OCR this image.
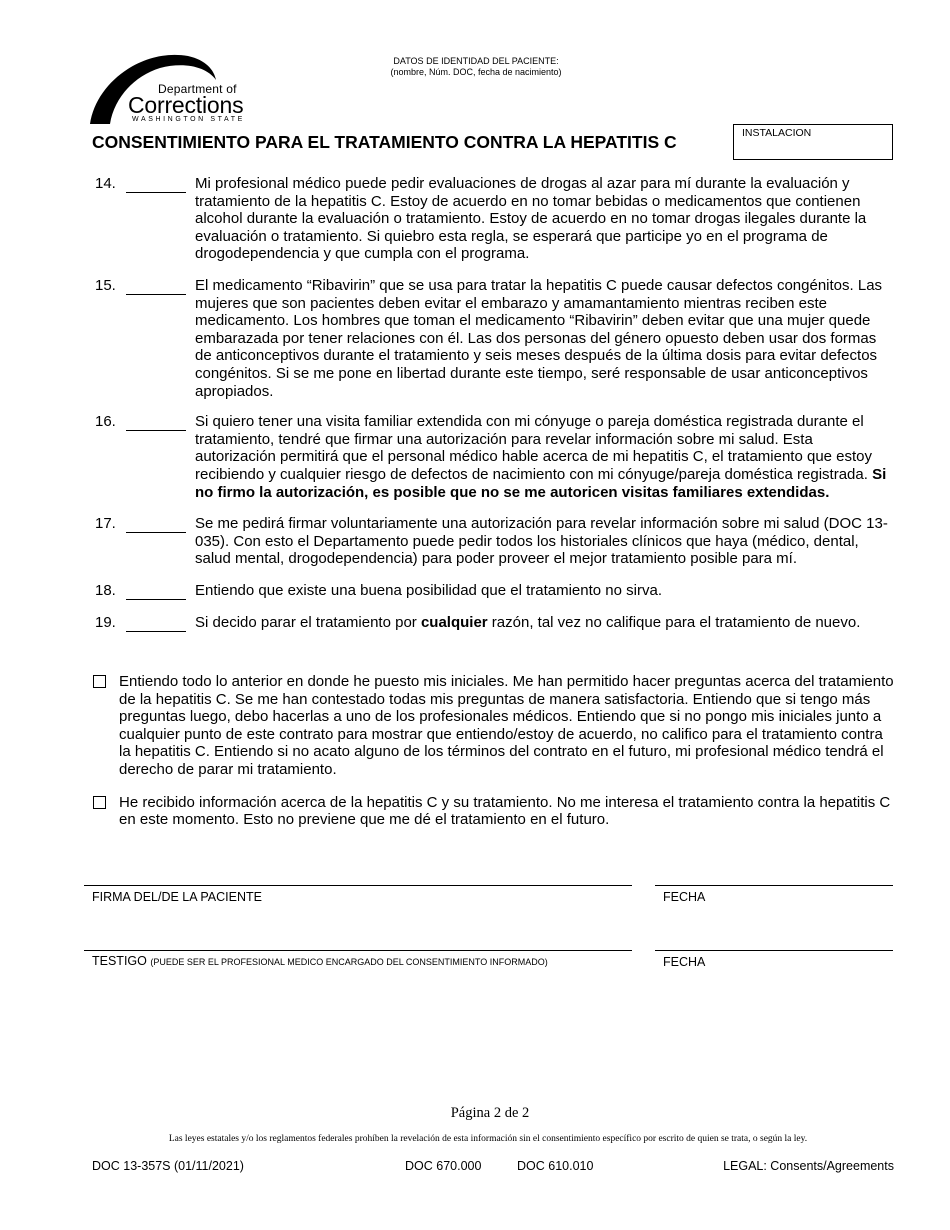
Department of
Corrections
WASHINGTON STATE
DATOS DE IDENTIDAD DEL PACIENTE:
(nombre, Núm. DOC, fecha de nacimiento)
CONSENTIMIENTO PARA EL TRATAMIENTO CONTRA LA HEPATITIS C	INSTALACION
14.	Mi profesional médico puede pedir evaluaciones de drogas al azar para mí durante la evaluación y tratamiento de la hepatitis C. Estoy de acuerdo en no tomar bebidas o medicamentos que contienen alcohol durante la evaluación o tratamiento. Estoy de acuerdo en no tomar drogas ilegales durante la evaluación o tratamiento. Si quiebro esta regla, se esperará que participe yo en el programa de drogodependencia y que cumpla con el programa.
15.	El medicamento “Ribavirin” que se usa para tratar la hepatitis C puede causar defectos congénitos. Las mujeres que son pacientes deben evitar el embarazo y amamantamiento mientras reciben este medicamento. Los hombres que toman el medicamento “Ribavirin” deben evitar que una mujer quede embarazada por tener relaciones con él. Las dos personas del género opuesto deben usar dos formas de anticonceptivos durante el tratamiento y seis meses después de la última dosis para evitar defectos congénitos. Si se me pone en libertad durante este tiempo, seré responsable de usar anticonceptivos apropiados.
16.	Si quiero tener una visita familiar extendida con mi cónyuge o pareja doméstica registrada durante el tratamiento, tendré que firmar una autorización para revelar información sobre mi salud. Esta autorización permitirá que el personal médico hable acerca de mi hepatitis C, el tratamiento que estoy recibiendo y cualquier riesgo de defectos de nacimiento con mi cónyuge/pareja doméstica registrada. Si no firmo la autorización, es posible que no se me autoricen visitas familiares extendidas.
17.	Se me pedirá firmar voluntariamente una autorización para revelar información sobre mi salud (DOC 13-035). Con esto el Departamento puede pedir todos los historiales clínicos que haya (médico, dental, salud mental, drogodependencia) para poder proveer el mejor tratamiento posible para mí.
18.	Entiendo que existe una buena posibilidad que el tratamiento no sirva.
19.	Si decido parar el tratamiento por cualquier razón, tal vez no califique para el tratamiento de nuevo.
Entiendo todo lo anterior en donde he puesto mis iniciales. Me han permitido hacer preguntas acerca del tratamiento de la hepatitis C. Se me han contestado todas mis preguntas de manera satisfactoria. Entiendo que si tengo más preguntas luego, debo hacerlas a uno de los profesionales médicos. Entiendo que si no pongo mis iniciales junto a cualquier punto de este contrato para mostrar que entiendo/estoy de acuerdo, no califico para el tratamiento contra la hepatitis C. Entiendo si no acato alguno de los términos del contrato en el futuro, mi profesional médico tendrá el derecho de parar mi tratamiento.
He recibido información acerca de la hepatitis C y su tratamiento. No me interesa el tratamiento contra la hepatitis C en este momento. Esto no previene que me dé el tratamiento en el futuro.
FIRMA DEL/DE LA PACIENTE	FECHA
TESTIGO (PUEDE SER EL PROFESIONAL MEDICO ENCARGADO DEL CONSENTIMIENTO INFORMADO)	FECHA
Página 2 de 2
Las leyes estatales y/o los reglamentos federales prohíben la revelación de esta información sin el consentimiento específico por escrito de quien se trata, o según la ley.
DOC 13-357S (01/11/2021)	DOC 670.000	DOC 610.010	LEGAL: Consents/Agreements
